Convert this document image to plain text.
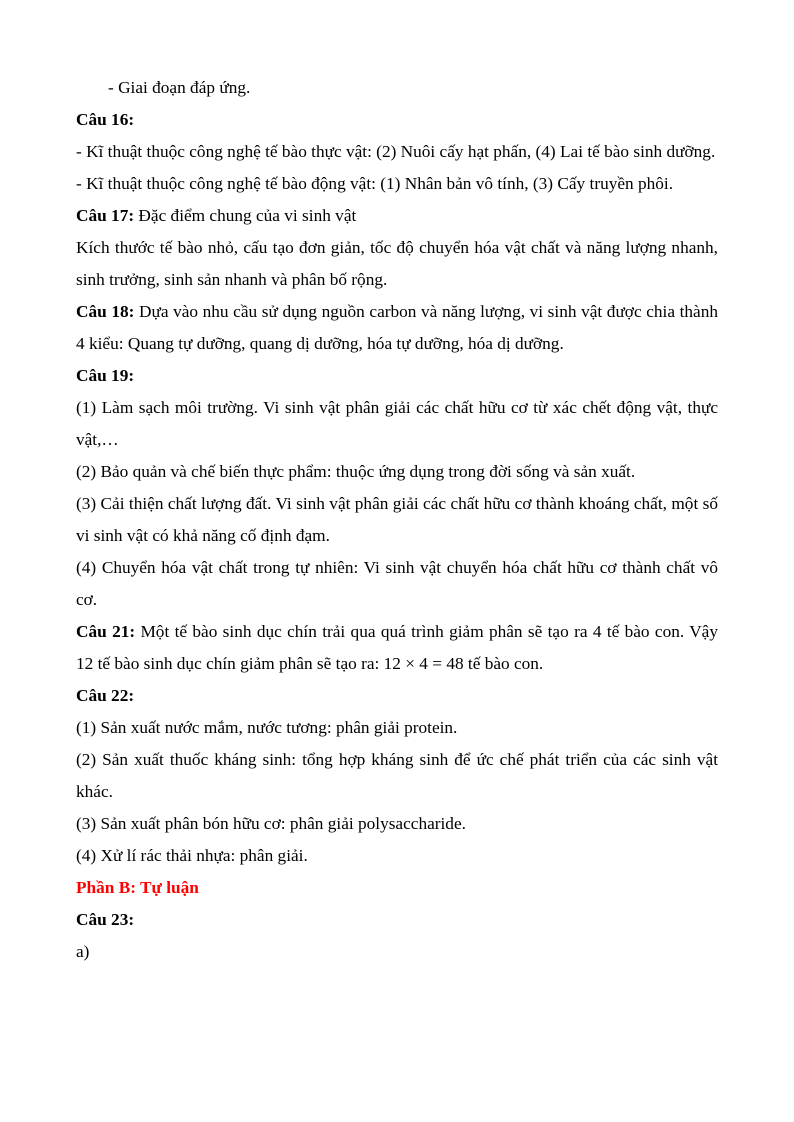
- Giai đoạn đáp ứng.

Câu 16:

- Kĩ thuật thuộc công nghệ tế bào thực vật: (2) Nuôi cấy hạt phấn, (4) Lai tế bào sinh dưỡng.

- Kĩ thuật thuộc công nghệ tế bào động vật: (1) Nhân bản vô tính, (3) Cấy truyền phôi.

Câu 17: Đặc điểm chung của vi sinh vật

Kích thước tế bào nhỏ, cấu tạo đơn giản, tốc độ chuyển hóa vật chất và năng lượng nhanh, sinh trưởng, sinh sản nhanh và phân bố rộng.

Câu 18: Dựa vào nhu cầu sử dụng nguồn carbon và năng lượng, vi sinh vật được chia thành 4 kiểu: Quang tự dưỡng, quang dị dưỡng, hóa tự dưỡng, hóa dị dưỡng.

Câu 19:

(1) Làm sạch môi trường. Vi sinh vật phân giải các chất hữu cơ từ xác chết động vật, thực vật,…

(2) Bảo quản và chế biến thực phẩm: thuộc ứng dụng trong đời sống và sản xuất.

(3) Cải thiện chất lượng đất. Vi sinh vật phân giải các chất hữu cơ thành khoáng chất, một số vi sinh vật có khả năng cố định đạm.

(4) Chuyển hóa vật chất trong tự nhiên: Vi sinh vật chuyển hóa chất hữu cơ thành chất vô cơ.

Câu 21: Một tế bào sinh dục chín trải qua quá trình giảm phân sẽ tạo ra 4 tế bào con. Vậy 12 tế bào sinh dục chín giảm phân sẽ tạo ra: 12 × 4 = 48 tế bào con.

Câu 22:

(1) Sản xuất nước mắm, nước tương: phân giải protein.

(2) Sản xuất thuốc kháng sinh: tổng hợp kháng sinh để ức chế phát triển của các sinh vật khác.

(3) Sản xuất phân bón hữu cơ: phân giải polysaccharide.

(4) Xử lí rác thải nhựa: phân giải.

Phần B: Tự luận

Câu 23:

a)
